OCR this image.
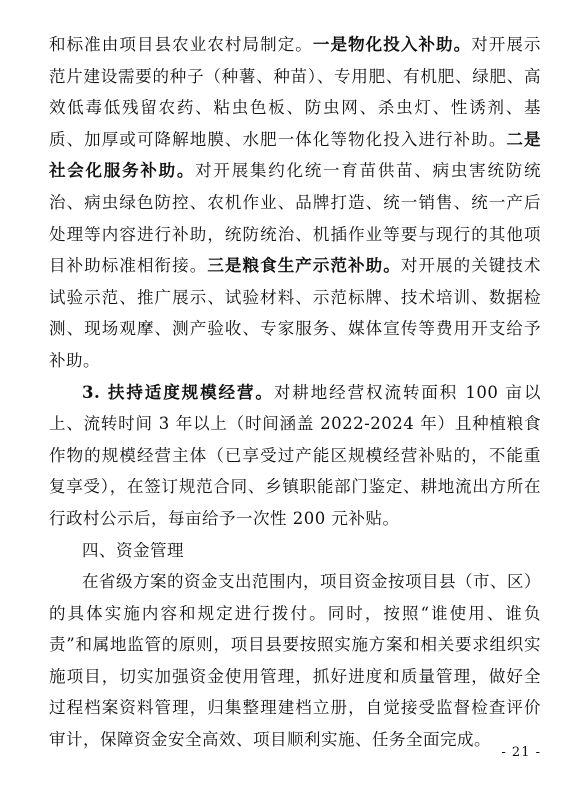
和标准由项目县农业农村局制定。一是物化投入补助。对开展示范片建设需要的种子（种薯、种苗）、专用肥、有机肥、绿肥、高效低毒低残留农药、粘虫色板、防虫网、杀虫灯、性诱剂、基质、加厚或可降解地膜、水肥一体化等物化投入进行补助。二是社会化服务补助。对开展集约化统一育苗供苗、病虫害统防统治、病虫绿色防控、农机作业、品牌打造、统一销售、统一产后处理等内容进行补助，统防统治、机插作业等要与现行的其他项目补助标准相衔接。三是粮食生产示范补助。对开展的关键技术试验示范、推广展示、试验材料、示范标牌、技术培训、数据检测、现场观摩、测产验收、专家服务、媒体宣传等费用开支给予补助。

3. 扶持适度规模经营。对耕地经营权流转面积 100 亩以上、流转时间 3 年以上（时间涵盖 2022-2024 年）且种植粮食作物的规模经营主体（已享受过产能区规模经营补贴的，不能重复享受），在签订规范合同、乡镇职能部门鉴定、耕地流出方所在行政村公示后，每亩给予一次性 200 元补贴。

四、资金管理

在省级方案的资金支出范围内，项目资金按项目县（市、区）的具体实施内容和规定进行拨付。同时，按照“谁使用、谁负责”和属地监管的原则，项目县要按照实施方案和相关要求组织实施项目，切实加强资金使用管理，抓好进度和质量管理，做好全过程档案资料管理，归集整理建档立册，自觉接受监督检查评价审计，保障资金安全高效、项目顺利实施、任务全面完成。

- 21 -
